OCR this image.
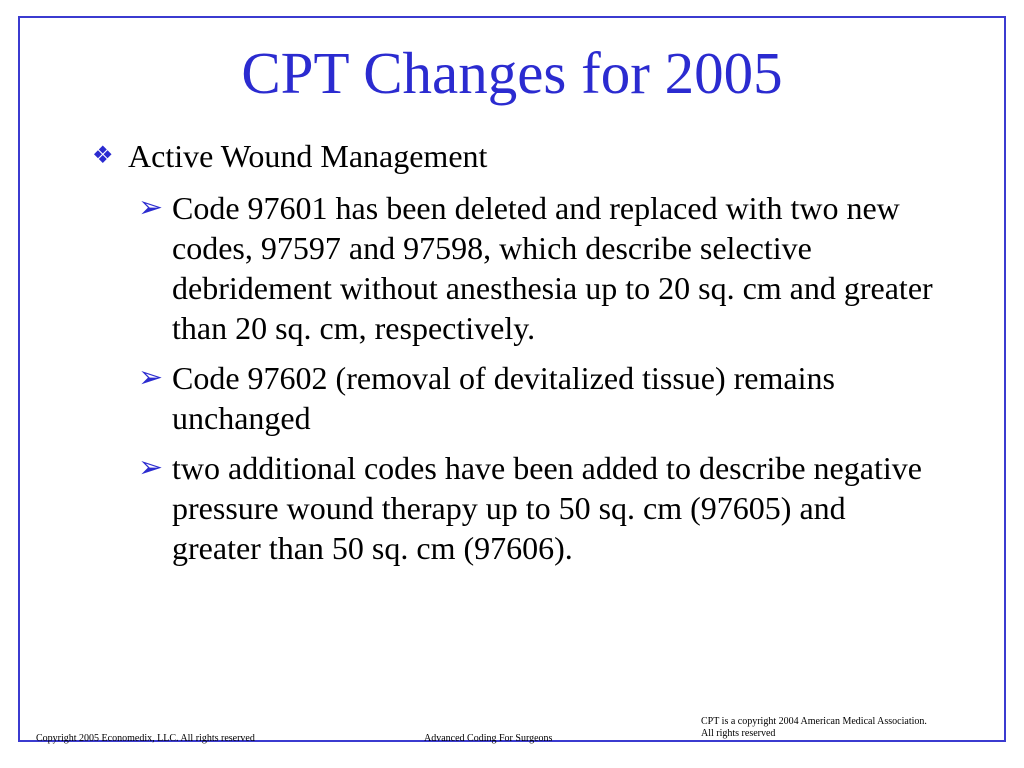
CPT Changes for 2005
❖ Active Wound Management
➢ Code 97601 has been deleted and replaced with two new codes, 97597 and 97598, which describe selective debridement without anesthesia up to 20 sq. cm and greater than 20 sq. cm, respectively.
➢ Code 97602 (removal of devitalized tissue) remains unchanged
➢ two additional codes have been added to describe negative pressure wound therapy up to 50 sq. cm (97605) and greater than 50 sq. cm (97606).
Copyright 2005 Economedix, LLC. All rights reserved	Advanced Coding For Surgeons
CPT is a copyright 2004 American Medical Association.
All rights reserved
